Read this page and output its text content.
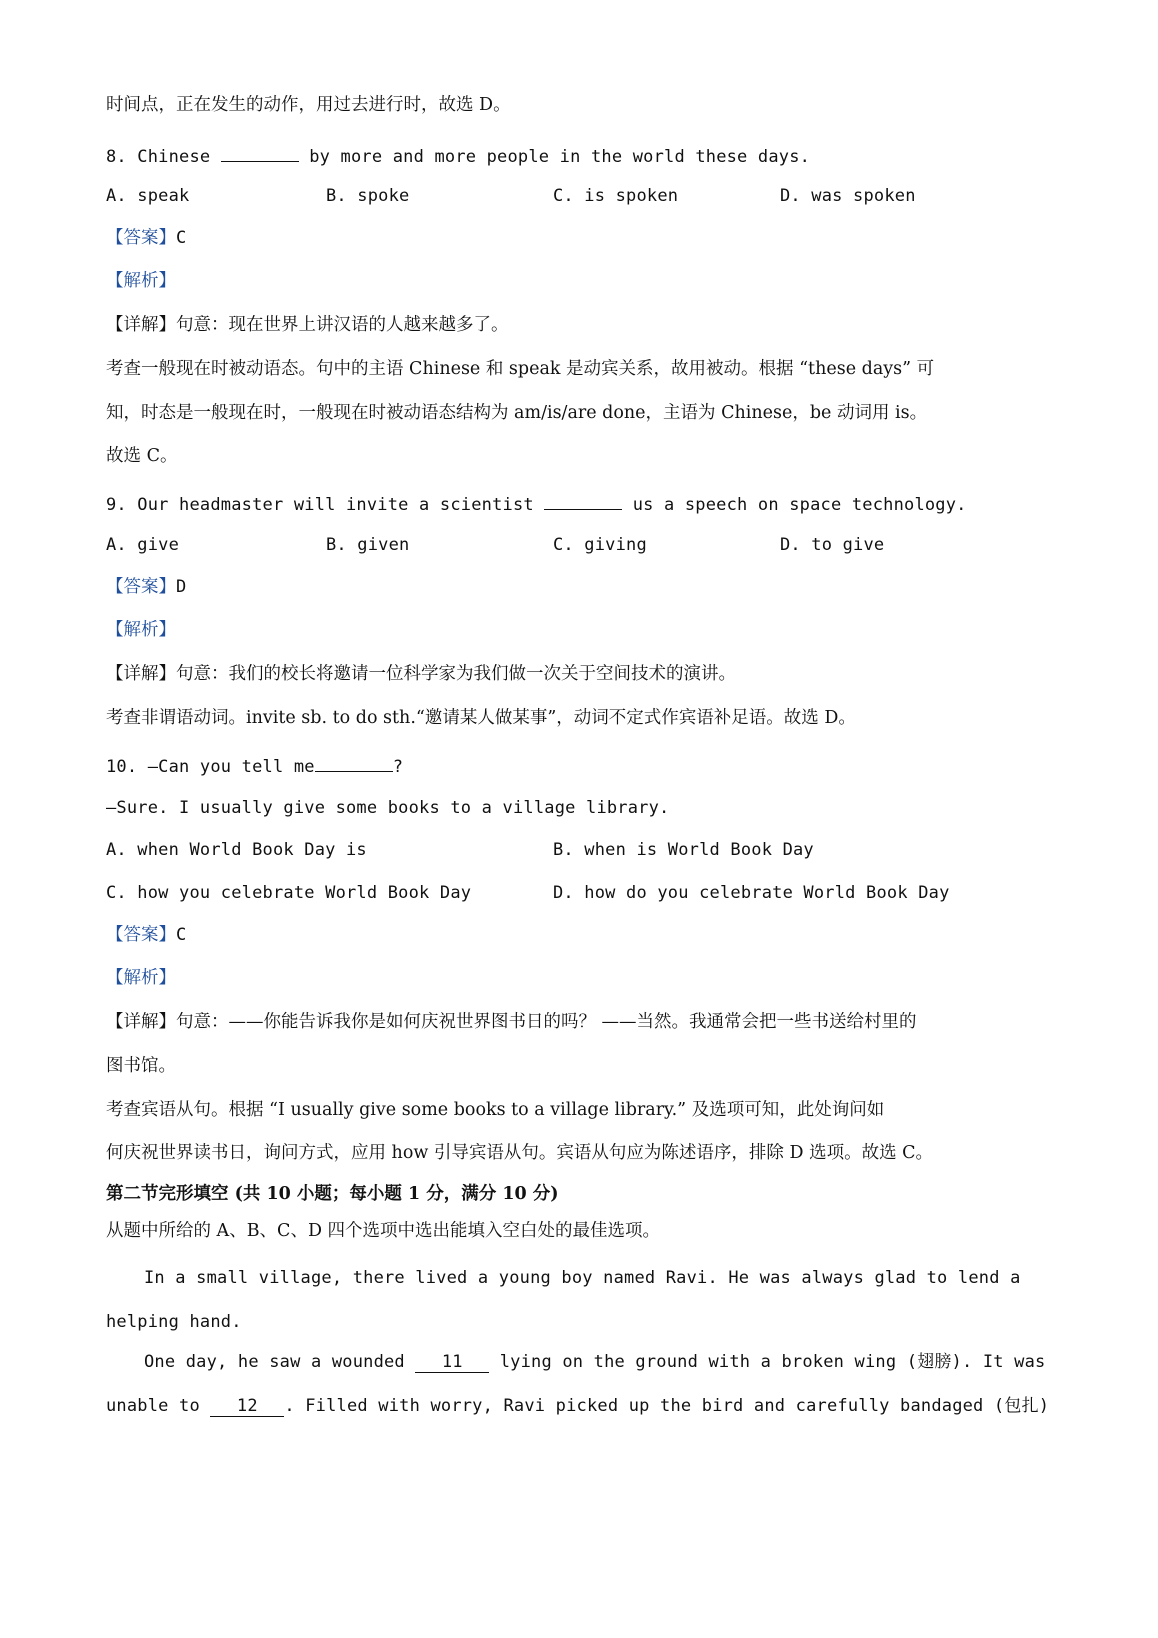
时间点，正在发生的动作，用过去进行时，故选 D。
8. Chinese	by more and more people in the world these days.
A. speak	B. spoke	C. is spoken	D. was spoken
【答案】C
【解析】
【详解】句意：现在世界上讲汉语的人越来越多了。
考查一般现在时被动语态。句中的主语 Chinese 和 speak 是动宾关系，故用被动。根据 “these days” 可
知，时态是一般现在时，一般现在时被动语态结构为 am/is/are done，主语为 Chinese，be 动词用 is。
故选 C。
9. Our headmaster will invite a scientist	us a speech on space technology.
A. give	B. given	C. giving	D. to give
【答案】D
【解析】
【详解】句意：我们的校长将邀请一位科学家为我们做一次关于空间技术的演讲。
考查非谓语动词。invite sb. to do sth.“邀请某人做某事”，动词不定式作宾语补足语。故选 D。
10. —Can you tell me	?
—Sure. I usually give some books to a village library.
A. when World Book Day is	B. when is World Book Day
C. how you celebrate World Book Day	D. how do you celebrate World Book Day
【答案】C
【解析】
【详解】句意：——你能告诉我你是如何庆祝世界图书日的吗？ ——当然。我通常会把一些书送给村里的
图书馆。
考查宾语从句。根据 “I usually give some books to a village library.” 及选项可知，此处询问如
何庆祝世界读书日，询问方式，应用 how 引导宾语从句。宾语从句应为陈述语序，排除 D 选项。故选 C。
第二节完形填空 (共 10 小题；每小题 1 分，满分 10 分)
从题中所给的 A、B、C、D 四个选项中选出能填入空白处的最佳选项。
In a small village, there lived a young boy named Ravi. He was always glad to lend a
helping hand.
One day, he saw a wounded 11 lying on the ground with a broken wing (翅膀). It was
unable to 12 . Filled with worry, Ravi picked up the bird and carefully bandaged (包扎)
